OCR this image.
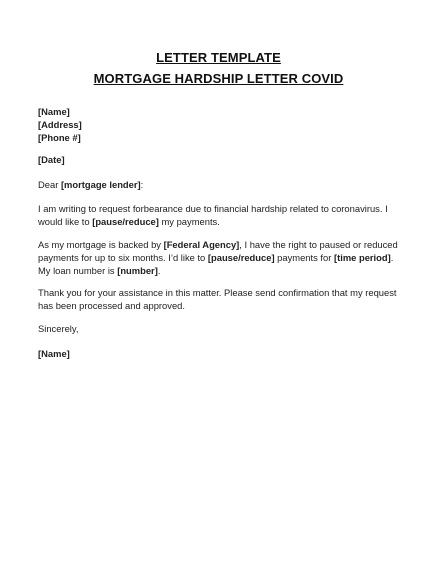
LETTER TEMPLATE
MORTGAGE HARDSHIP LETTER COVID
[Name]
[Address]
[Phone #]
[Date]
Dear [mortgage lender]:
I am writing to request forbearance due to financial hardship related to coronavirus. I would like to [pause/reduce] my payments.
As my mortgage is backed by [Federal Agency], I have the right to paused or reduced payments for up to six months. I’d like to [pause/reduce] payments for [time period]. My loan number is [number].
Thank you for your assistance in this matter. Please send confirmation that my request has been processed and approved.
Sincerely,
[Name]
